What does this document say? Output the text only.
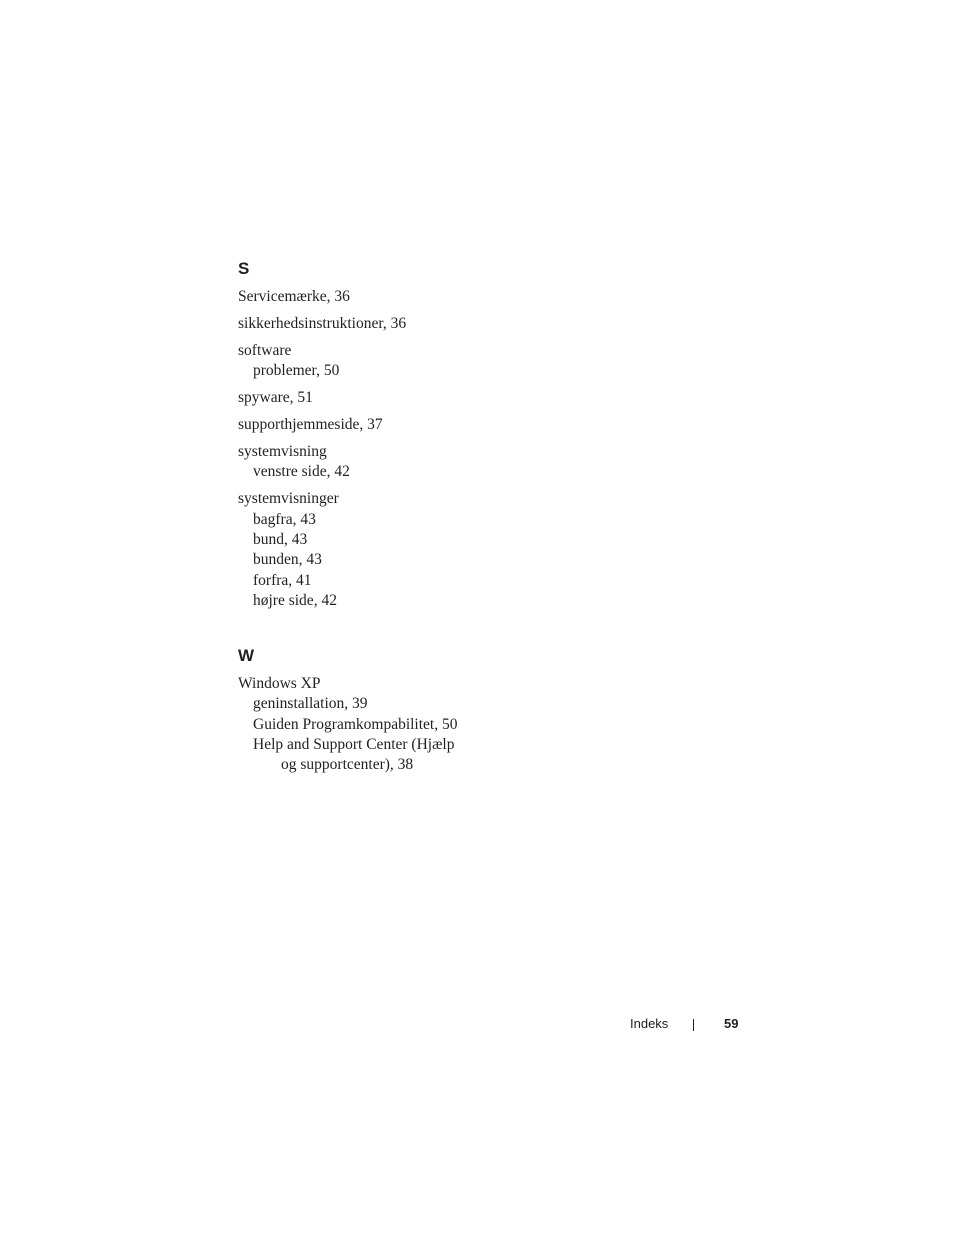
S
Servicemærke, 36
sikkerhedsinstruktioner, 36
software
problemer, 50
spyware, 51
supporthjemmeside, 37
systemvisning
venstre side, 42
systemvisninger
bagfra, 43
bund, 43
bunden, 43
forfra, 41
højre side, 42
W
Windows XP
geninstallation, 39
Guiden Programkompabilitet, 50
Help and Support Center (Hjælp
og supportcenter), 38
Indeks	59
